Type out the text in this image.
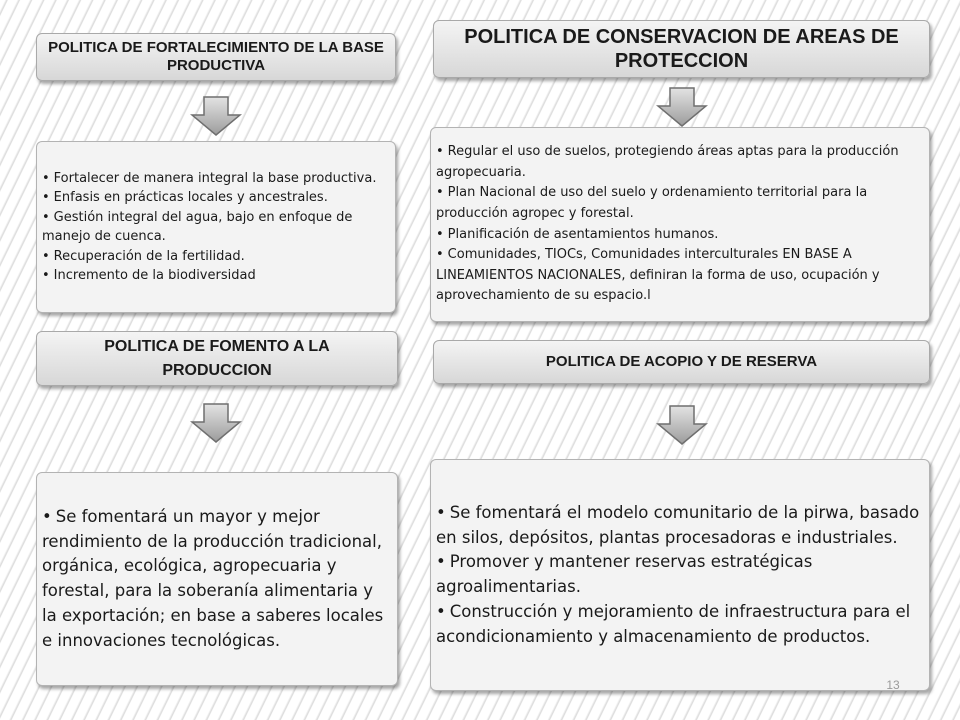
POLITICA DE FORTALECIMIENTO DE LA BASE PRODUCTIVA
• Fortalecer de manera integral la base productiva.
• Enfasis en prácticas locales y ancestrales.
• Gestión integral del agua, bajo en enfoque de manejo de cuenca.
• Recuperación de la fertilidad.
• Incremento de la biodiversidad
POLITICA DE CONSERVACION DE AREAS DE PROTECCION
• Regular el uso de suelos, protegiendo áreas aptas para la producción agropecuaria.
• Plan Nacional de uso del suelo y ordenamiento territorial para la producción agropec y forestal.
• Planificación de asentamientos humanos.
• Comunidades, TIOCs, Comunidades interculturales EN BASE A LINEAMIENTOS NACIONALES, definiran la forma de uso, ocupación y aprovechamiento de su espacio.l
POLITICA DE FOMENTO A LA PRODUCCION
• Se fomentará un mayor y mejor rendimiento de la producción tradicional, orgánica, ecológica, agropecuaria y forestal, para la soberanía alimentaria y la exportación; en base a saberes locales e innovaciones tecnológicas.
POLITICA DE ACOPIO Y DE RESERVA
• Se fomentará el modelo comunitario de la pirwa, basado en silos, depósitos, plantas procesadoras e industriales.
• Promover y mantener reservas estratégicas agroalimentarias.
• Construcción y mejoramiento de infraestructura para el acondicionamiento y almacenamiento de productos.
13
